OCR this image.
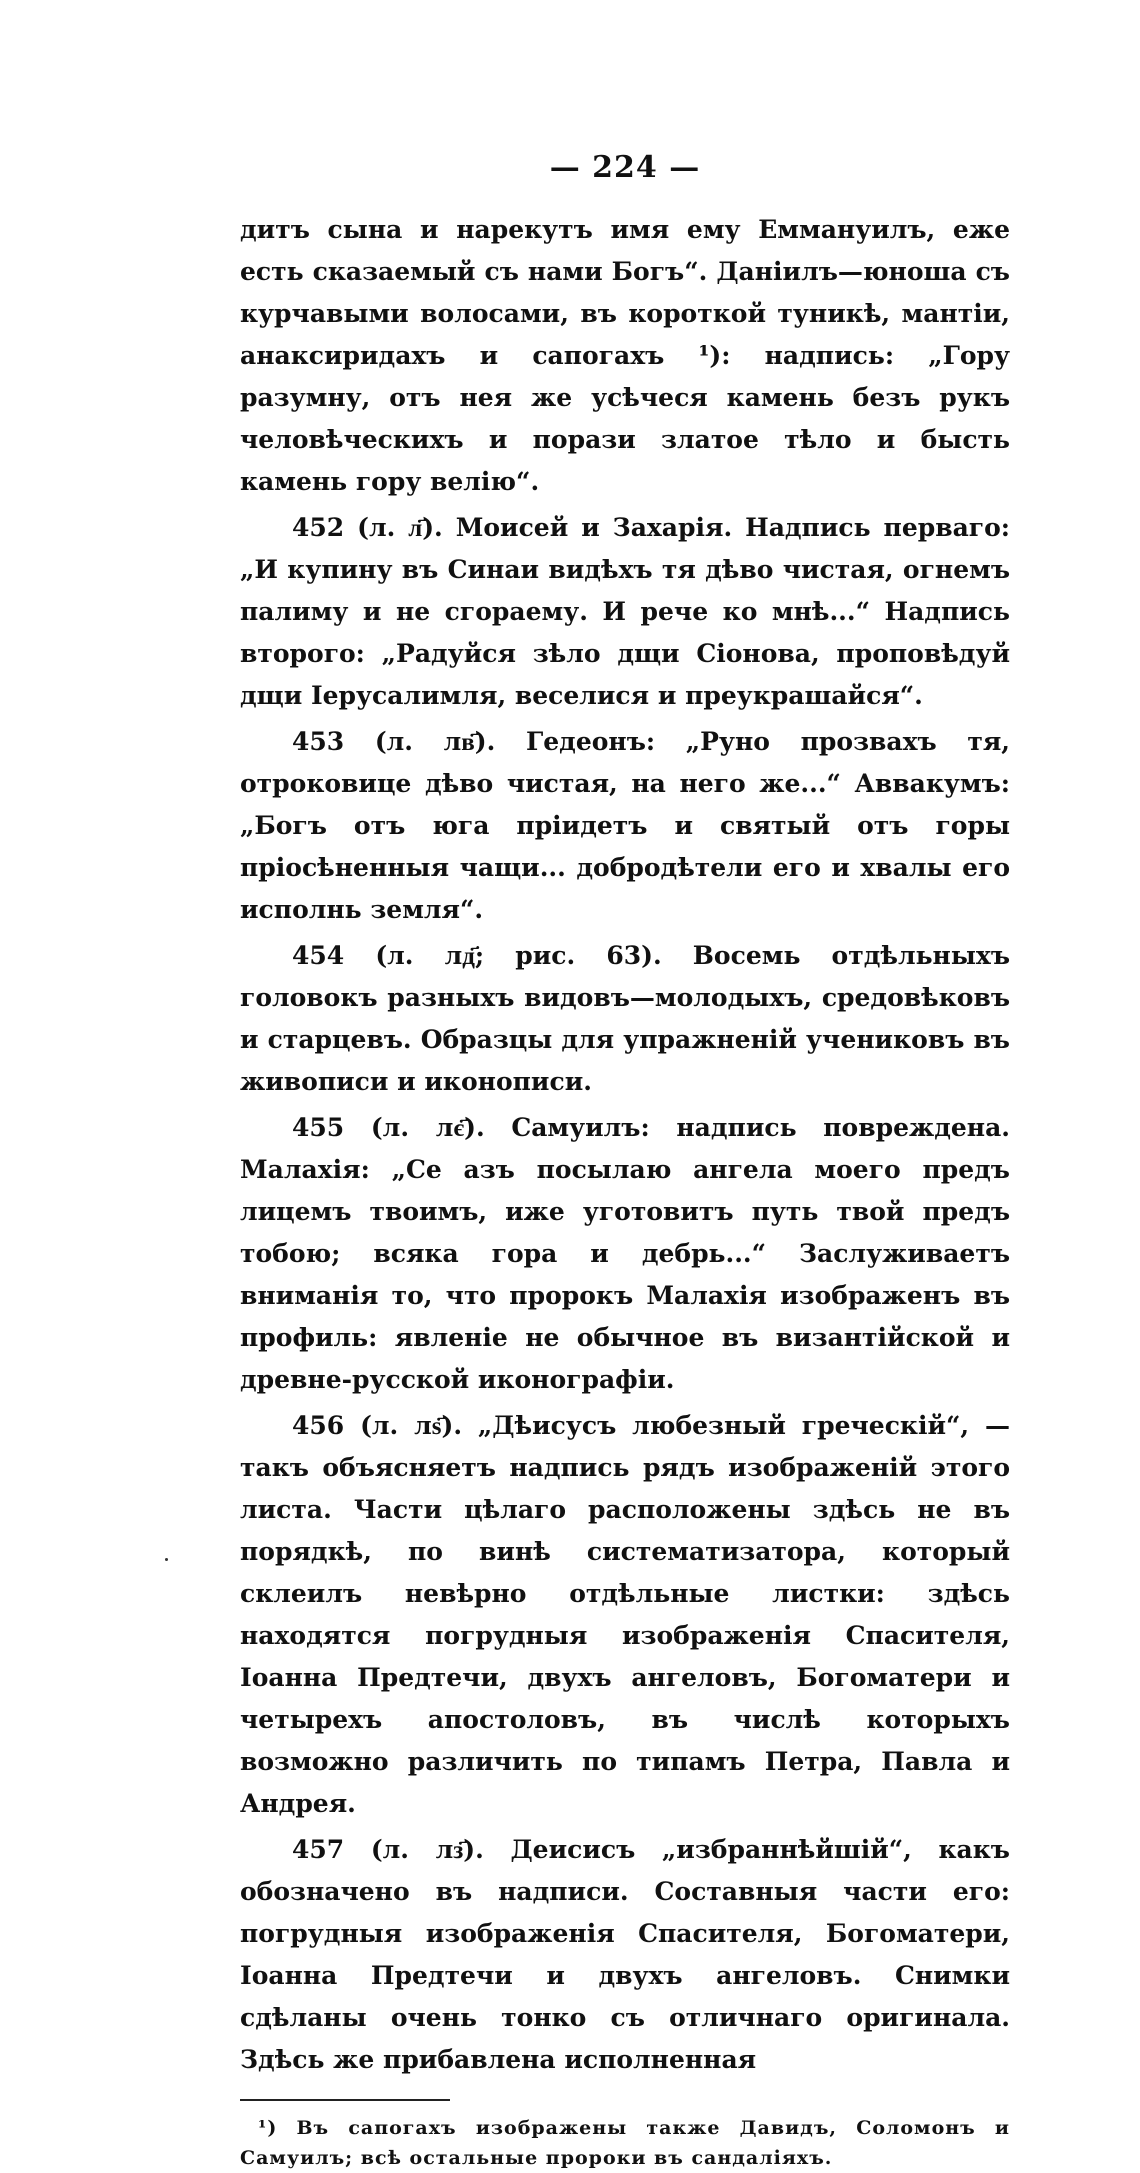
— 224 —

дитъ сына и нарекутъ имя ему Еммануилъ, еже есть сказаемый съ нами Богъ“. Даніилъ—юноша съ курчавыми волосами, въ короткой туникѣ, мантіи, анаксиридахъ и сапогахъ ¹): надпись: „Гору разумну, отъ нея же усѣчеся камень безъ рукъ человѣческихъ и порази златое тѣло и бысть камень гору велію“.

452 (л. л҃). Моисей и Захарія. Надпись перваго: „И купину въ Синаи видѣхъ тя дѣво чистая, огнемъ палиму и не сгораему. И рече ко мнѣ...“ Надпись второго: „Радуйся зѣло дщи Сіонова, проповѣдуй дщи Іерусалимля, веселися и преукрашайся“.

453 (л. лв҃). Гедеонъ: „Руно прозвахъ тя, отроковице дѣво чистая, на него же...“ Аввакумъ: „Богъ отъ юга пріидетъ и святый отъ горы пріосѣненныя чащи... добродѣтели его и хвалы его исполнь земля“.

454 (л. лд҃; рис. 63). Восемь отдѣльныхъ головокъ разныхъ видовъ—молодыхъ, средовѣковъ и старцевъ. Образцы для упражненій учениковъ въ живописи и иконописи.

455 (л. лє҃). Самуилъ: надпись повреждена. Малахія: „Се азъ посылаю ангела моего предъ лицемъ твоимъ, иже уготовитъ путь твой предъ тобою; всяка гора и дебрь...“ Заслуживаетъ вниманія то, что пророкъ Малахія изображенъ въ профиль: явленіе не обычное въ византійской и древне-русской иконографіи.

456 (л. лѕ҃). „Дѣисусъ любезный греческій“, — такъ объясняетъ надпись рядъ изображеній этого листа. Части цѣлаго расположены здѣсь не въ порядкѣ, по винѣ систематизатора, который склеилъ невѣрно отдѣльные листки: здѣсь находятся погрудныя изображенія Спасителя, Іоанна Предтечи, двухъ ангеловъ, Богоматери и четырехъ апостоловъ, въ числѣ которыхъ возможно различить по типамъ Петра, Павла и Андрея.

457 (л. лз҃). Деисисъ „избраннѣйшій“, какъ обозначено въ надписи. Составныя части его: погрудныя изображенія Спасителя, Богоматери, Іоанна Предтечи и двухъ ангеловъ. Снимки сдѣланы очень тонко съ отличнаго оригинала. Здѣсь же прибавлена исполненная

¹) Въ сапогахъ изображены также Давидъ, Соломонъ и Самуилъ; всѣ остальные пророки въ сандаліяхъ.
